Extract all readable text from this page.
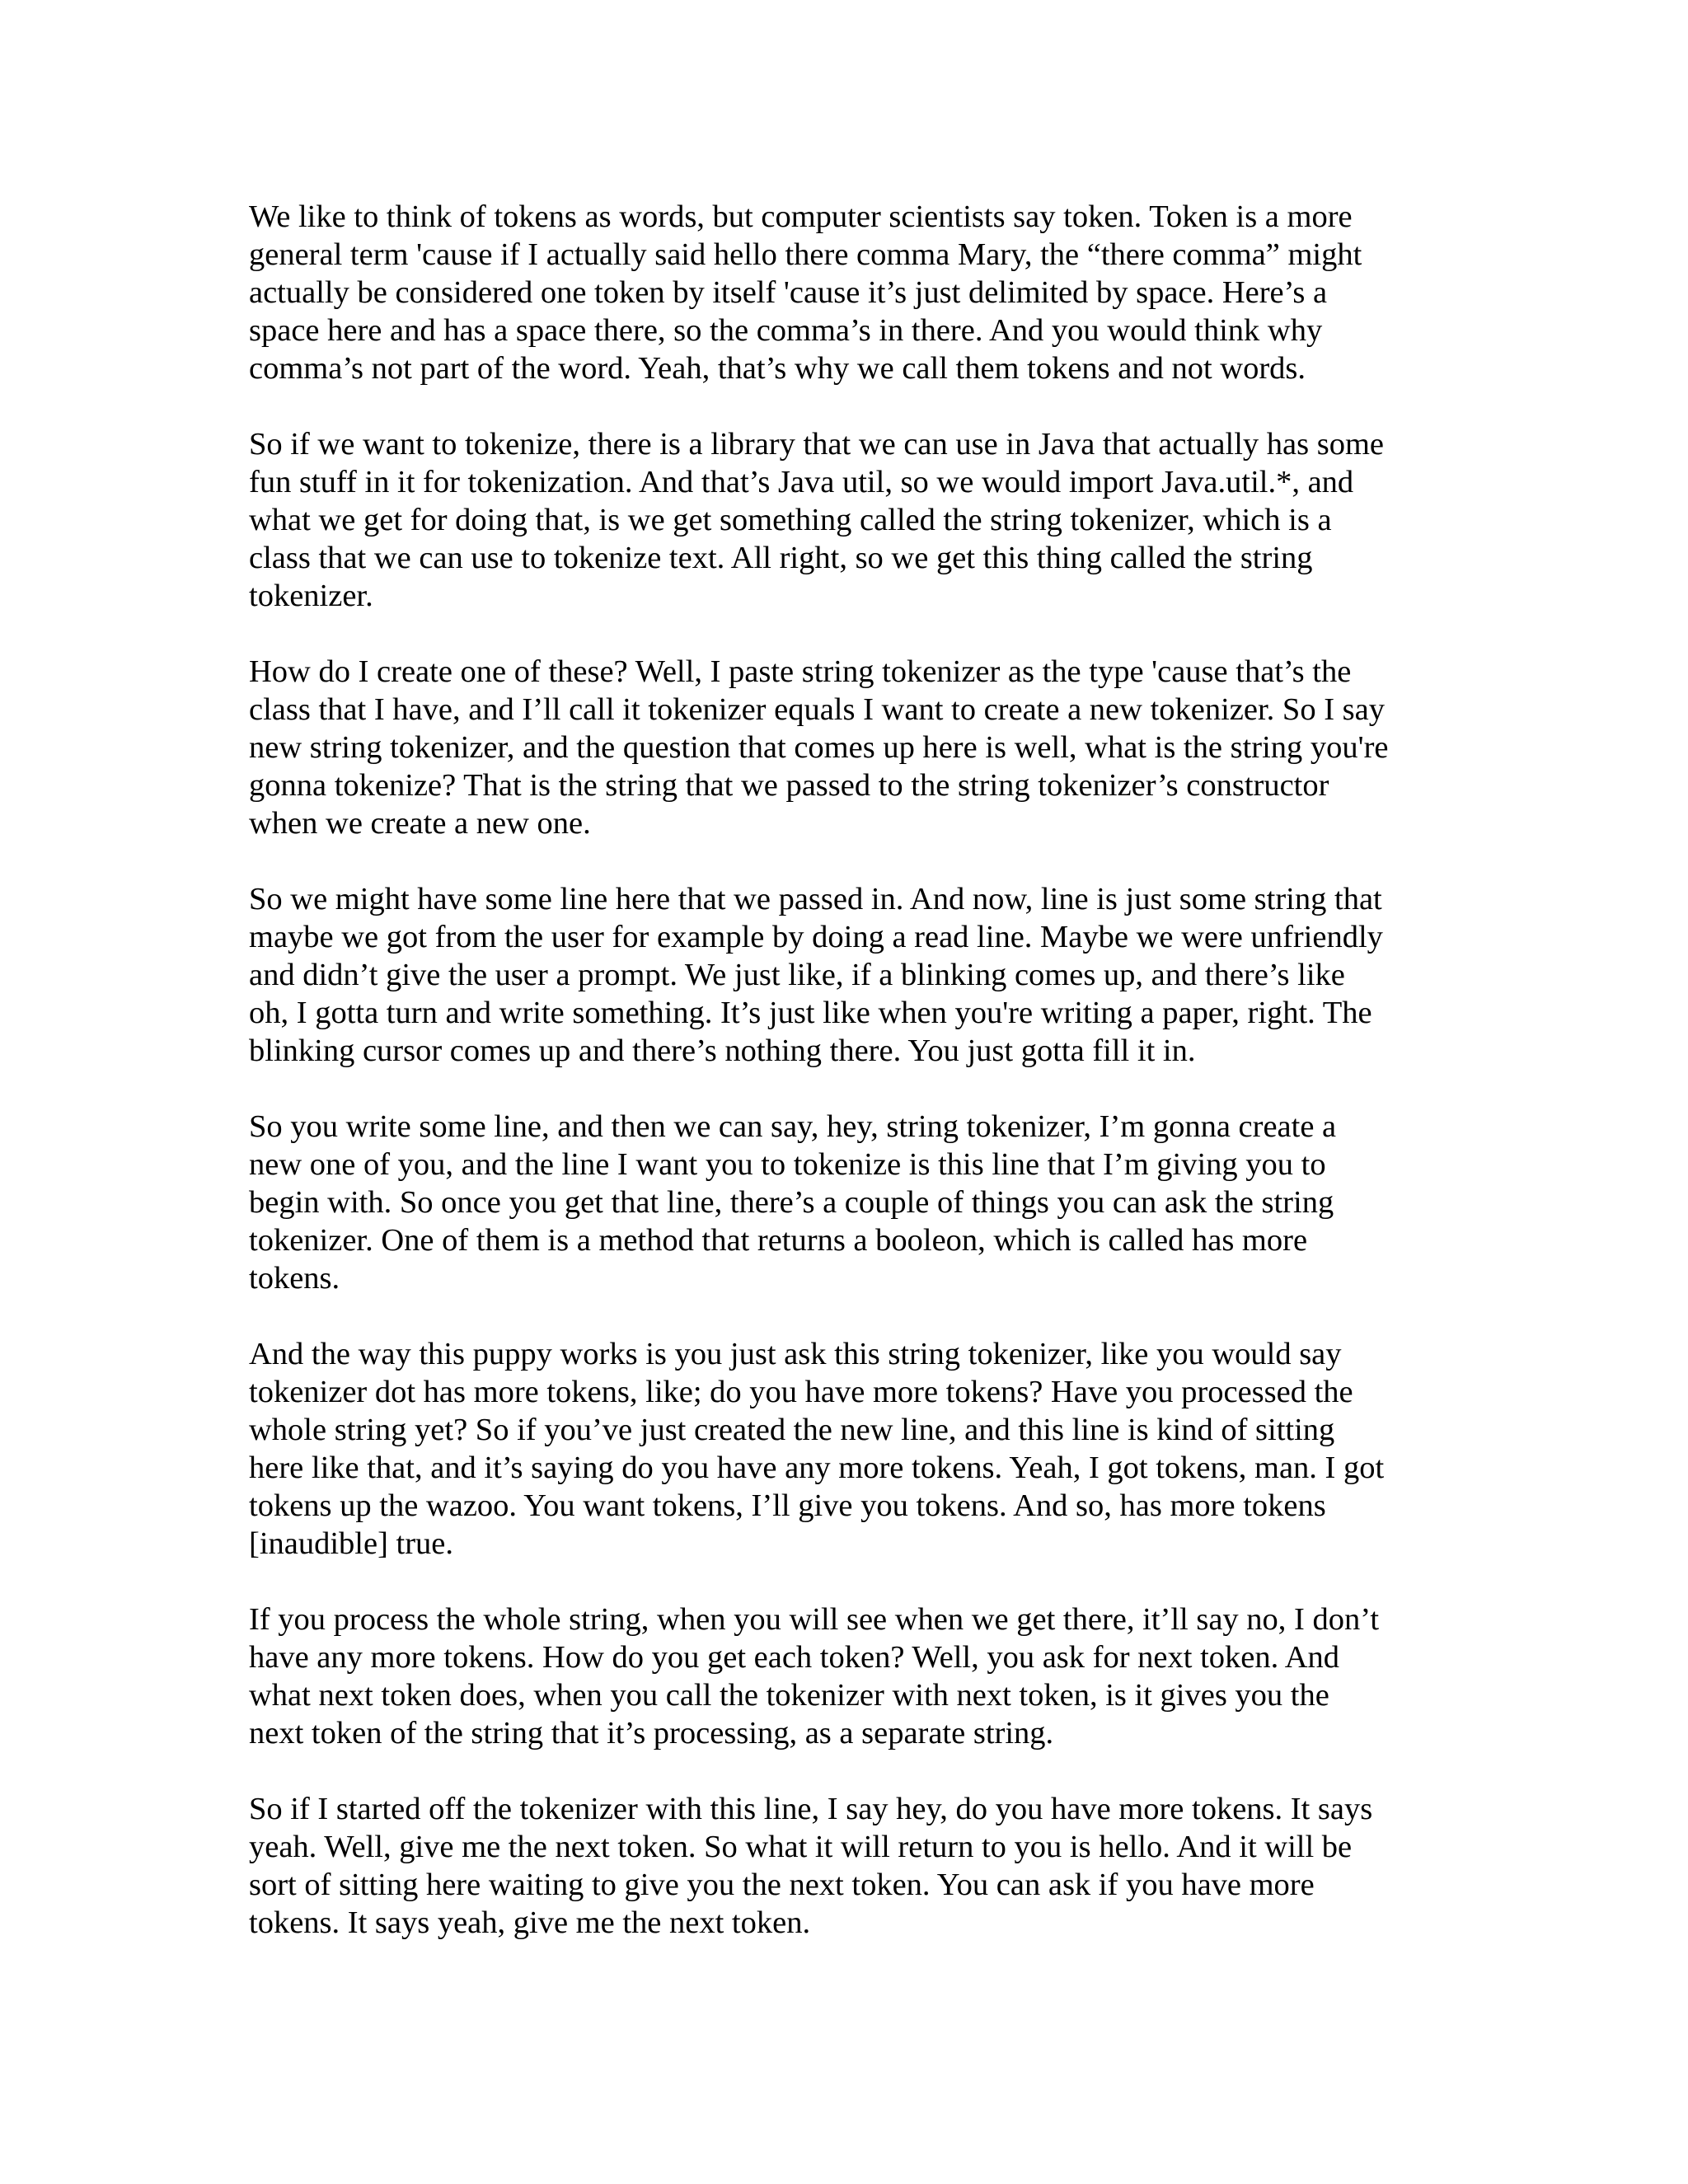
We like to think of tokens as words, but computer scientists say token. Token is a more
general term 'cause if I actually said hello there comma Mary, the “there comma” might
actually be considered one token by itself 'cause it’s just delimited by space. Here’s a
space here and has a space there, so the comma’s in there. And you would think why
comma’s not part of the word. Yeah, that’s why we call them tokens and not words.

So if we want to tokenize, there is a library that we can use in Java that actually has some
fun stuff in it for tokenization. And that’s Java util, so we would import Java.util.*, and
what we get for doing that, is we get something called the string tokenizer, which is a
class that we can use to tokenize text. All right, so we get this thing called the string
tokenizer.

How do I create one of these? Well, I paste string tokenizer as the type 'cause that’s the
class that I have, and I’ll call it tokenizer equals I want to create a new tokenizer. So I say
new string tokenizer, and the question that comes up here is well, what is the string you're
gonna tokenize? That is the string that we passed to the string tokenizer’s constructor
when we create a new one.

So we might have some line here that we passed in. And now, line is just some string that
maybe we got from the user for example by doing a read line. Maybe we were unfriendly
and didn’t give the user a prompt. We just like, if a blinking comes up, and there’s like
oh, I gotta turn and write something. It’s just like when you're writing a paper, right. The
blinking cursor comes up and there’s nothing there. You just gotta fill it in.

So you write some line, and then we can say, hey, string tokenizer, I’m gonna create a
new one of you, and the line I want you to tokenize is this line that I’m giving you to
begin with. So once you get that line, there’s a couple of things you can ask the string
tokenizer. One of them is a method that returns a booleon, which is called has more
tokens.

And the way this puppy works is you just ask this string tokenizer, like you would say
tokenizer dot has more tokens, like; do you have more tokens? Have you processed the
whole string yet? So if you’ve just created the new line, and this line is kind of sitting
here like that, and it’s saying do you have any more tokens. Yeah, I got tokens, man. I got
tokens up the wazoo. You want tokens, I’ll give you tokens. And so, has more tokens
[inaudible] true.

If you process the whole string, when you will see when we get there, it’ll say no, I don’t
have any more tokens. How do you get each token? Well, you ask for next token. And
what next token does, when you call the tokenizer with next token, is it gives you the
next token of the string that it’s processing, as a separate string.

So if I started off the tokenizer with this line, I say hey, do you have more tokens. It says
yeah. Well, give me the next token. So what it will return to you is hello. And it will be
sort of sitting here waiting to give you the next token. You can ask if you have more
tokens. It says yeah, give me the next token.
